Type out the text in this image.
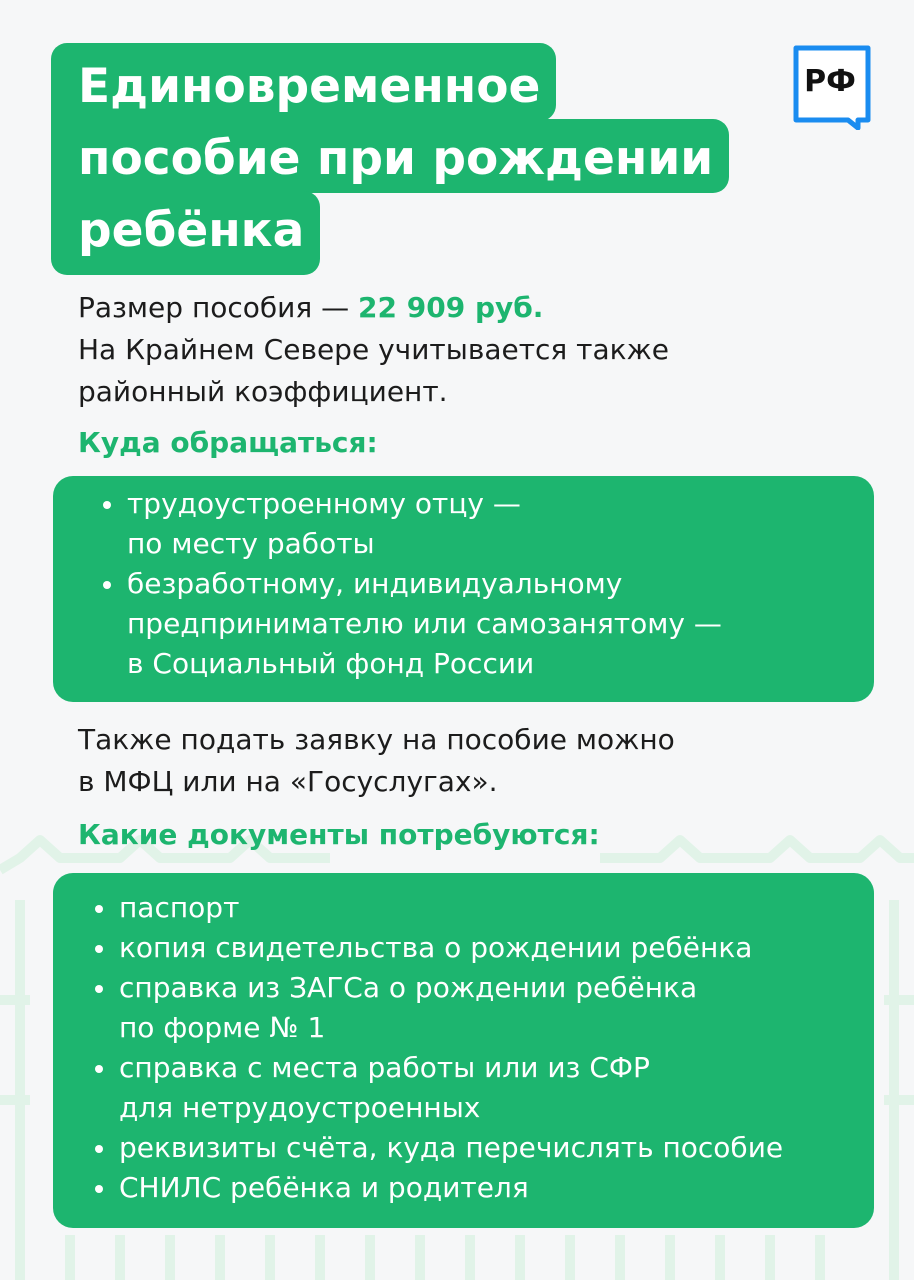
Единовременное
пособие при рождении
ребёнка
РФ
Размер пособия — 22 909 руб.
На Крайнем Севере учитывается также
районный коэффициент.
Куда обращаться:
трудоустроенному отцу —
по месту работы
безработному, индивидуальному
предпринимателю или самозанятому —
в Социальный фонд России
Также подать заявку на пособие можно
в МФЦ или на «Госуслугах».
Какие документы потребуются:
паспорт
копия свидетельства о рождении ребёнка
справка из ЗАГСа о рождении ребёнка
по форме № 1
справка с места работы или из СФР
для нетрудоустроенных
реквизиты счёта, куда перечислять пособие
СНИЛС ребёнка и родителя
